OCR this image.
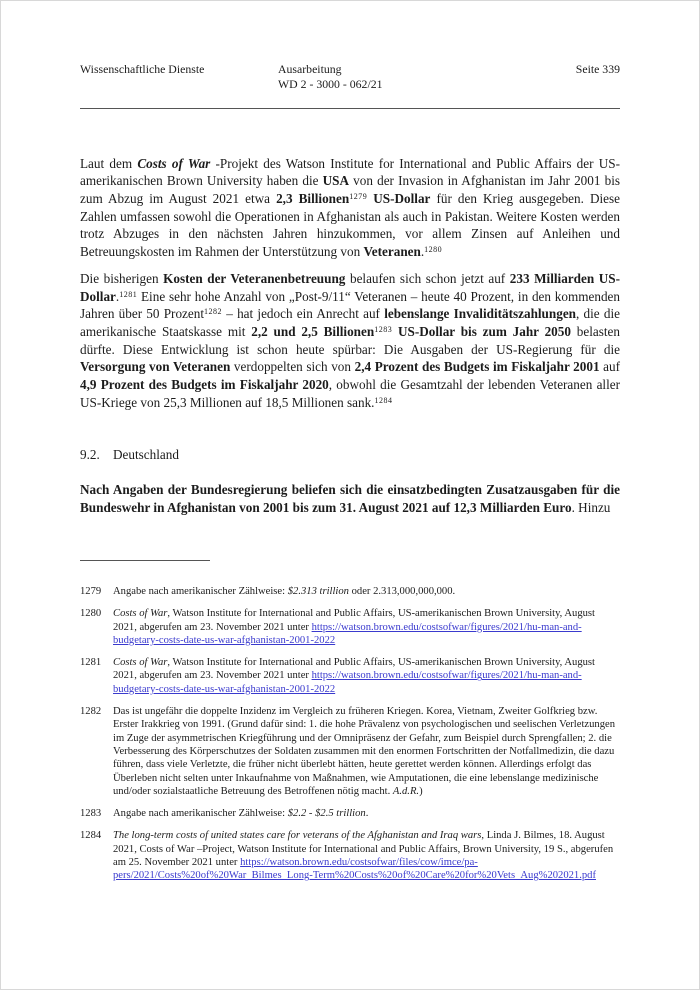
Wissenschaftliche Dienste	Ausarbeitung
WD 2 - 3000 - 062/21
Seite 339

Laut dem Costs of War -Projekt des Watson Institute for International and Public Affairs der US-amerikanischen Brown University haben die USA von der Invasion in Afghanistan im Jahr 2001 bis zum Abzug im August 2021 etwa 2,3 Billionen$^{1279}$ US-Dollar für den Krieg ausgegeben. Diese Zahlen umfassen sowohl die Operationen in Afghanistan als auch in Pakistan. Weitere Kosten werden trotz Abzuges in den nächsten Jahren hinzukommen, vor allem Zinsen auf Anleihen und Betreuungskosten im Rahmen der Unterstützung von Veteranen.$^{1280}$

Die bisherigen Kosten der Veteranenbetreuung belaufen sich schon jetzt auf 233 Milliarden US-Dollar.$^{1281}$ Eine sehr hohe Anzahl von „Post-9/11“ Veteranen – heute 40 Prozent, in den kommenden Jahren über 50 Prozent$^{1282}$ – hat jedoch ein Anrecht auf lebenslange Invaliditätszahlungen, die die amerikanische Staatskasse mit 2,2 und 2,5 Billionen$^{1283}$ US-Dollar bis zum Jahr 2050 belasten dürfte. Diese Entwicklung ist schon heute spürbar: Die Ausgaben der US-Regierung für die Versorgung von Veteranen verdoppelten sich von 2,4 Prozent des Budgets im Fiskaljahr 2001 auf 4,9 Prozent des Budgets im Fiskaljahr 2020, obwohl die Gesamtzahl der lebenden Veteranen aller US-Kriege von 25,3 Millionen auf 18,5 Millionen sank.$^{1284}$

9.2. Deutschland

Nach Angaben der Bundesregierung beliefen sich die einsatzbedingten Zusatzausgaben für die Bundeswehr in Afghanistan von 2001 bis zum 31. August 2021 auf 12,3 Milliarden Euro. Hinzu

1279	Angabe nach amerikanischer Zählweise: $2.313 trillion oder 2.313,000,000,000.
1280	Costs of War, Watson Institute for International and Public Affairs, US-amerikanischen Brown University, August 2021, abgerufen am 23. November 2021 unter https://watson.brown.edu/costsofwar/figures/2021/hu-man-and-budgetary-costs-date-us-war-afghanistan-2001-2022
1281	Costs of War, Watson Institute for International and Public Affairs, US-amerikanischen Brown University, August 2021, abgerufen am 23. November 2021 unter https://watson.brown.edu/costsofwar/figures/2021/hu-man-and-budgetary-costs-date-us-war-afghanistan-2001-2022
1282	Das ist ungefähr die doppelte Inzidenz im Vergleich zu früheren Kriegen. Korea, Vietnam, Zweiter Golfkrieg bzw. Erster Irakkrieg von 1991. (Grund dafür sind: 1. die hohe Prävalenz von psychologischen und seelischen Verletzungen im Zuge der asymmetrischen Kriegführung und der Omnipräsenz der Gefahr, zum Beispiel durch Sprengfallen; 2. die Verbesserung des Körperschutzes der Soldaten zusammen mit den enormen Fortschritten der Notfallmedizin, die dazu führen, dass viele Verletzte, die früher nicht überlebt hätten, heute gerettet werden können. Allerdings erfolgt das Überleben nicht selten unter Inkaufnahme von Maßnahmen, wie Amputationen, die eine lebenslange medizinische und/oder sozialstaatliche Betreuung des Betroffenen nötig macht. A.d.R.)
1283	Angabe nach amerikanischer Zählweise: $2.2 - $2.5 trillion.
1284	The long-term costs of united states care for veterans of the Afghanistan and Iraq wars, Linda J. Bilmes, 18. August 2021, Costs of War –Project, Watson Institute for International and Public Affairs, Brown University, 19 S., abgerufen am 25. November 2021 unter https://watson.brown.edu/costsofwar/files/cow/imce/pa-pers/2021/Costs%20of%20War_Bilmes_Long-Term%20Costs%20of%20Care%20for%20Vets_Aug%202021.pdf
